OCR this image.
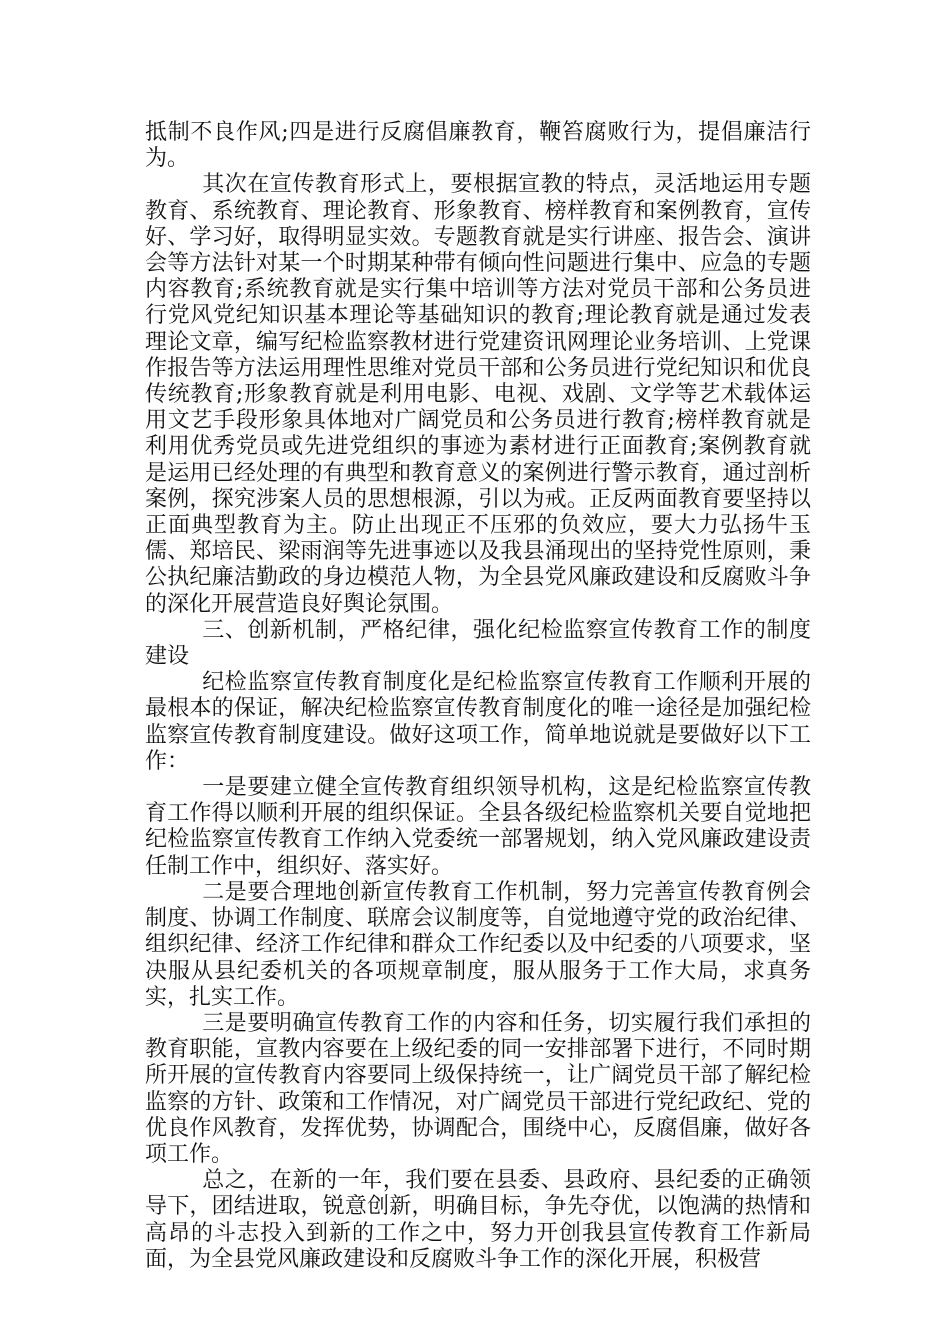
抵制不良作风;四是进行反腐倡廉教育，鞭笞腐败行为，提倡廉洁行为。

其次在宣传教育形式上，要根据宣教的特点，灵活地运用专题教育、系统教育、理论教育、形象教育、榜样教育和案例教育，宣传好、学习好，取得明显实效。专题教育就是实行讲座、报告会、演讲会等方法针对某一个时期某种带有倾向性问题进行集中、应急的专题内容教育;系统教育就是实行集中培训等方法对党员干部和公务员进行党风党纪知识基本理论等基础知识的教育;理论教育就是通过发表理论文章，编写纪检监察教材进行党建资讯网理论业务培训、上党课作报告等方法运用理性思维对党员干部和公务员进行党纪知识和优良传统教育;形象教育就是利用电影、电视、戏剧、文学等艺术载体运用文艺手段形象具体地对广阔党员和公务员进行教育;榜样教育就是利用优秀党员或先进党组织的事迹为素材进行正面教育;案例教育就是运用已经处理的有典型和教育意义的案例进行警示教育，通过剖析案例，探究涉案人员的思想根源，引以为戒。正反两面教育要坚持以正面典型教育为主。防止出现正不压邪的负效应，要大力弘扬牛玉儒、郑培民、梁雨润等先进事迹以及我县涌现出的坚持党性原则，秉公执纪廉洁勤政的身边模范人物，为全县党风廉政建设和反腐败斗争的深化开展营造良好舆论氛围。

三、创新机制，严格纪律，强化纪检监察宣传教育工作的制度建设

纪检监察宣传教育制度化是纪检监察宣传教育工作顺利开展的最根本的保证，解决纪检监察宣传教育制度化的唯一途径是加强纪检监察宣传教育制度建设。做好这项工作，简单地说就是要做好以下工作：

一是要建立健全宣传教育组织领导机构，这是纪检监察宣传教育工作得以顺利开展的组织保证。全县各级纪检监察机关要自觉地把纪检监察宣传教育工作纳入党委统一部署规划，纳入党风廉政建设责任制工作中，组织好、落实好。

二是要合理地创新宣传教育工作机制，努力完善宣传教育例会制度、协调工作制度、联席会议制度等，自觉地遵守党的政治纪律、组织纪律、经济工作纪律和群众工作纪委以及中纪委的八项要求，坚决服从县纪委机关的各项规章制度，服从服务于工作大局，求真务实，扎实工作。

三是要明确宣传教育工作的内容和任务，切实履行我们承担的教育职能，宣教内容要在上级纪委的同一安排部署下进行，不同时期所开展的宣传教育内容要同上级保持统一，让广阔党员干部了解纪检监察的方针、政策和工作情况，对广阔党员干部进行党纪政纪、党的优良作风教育，发挥优势，协调配合，围绕中心，反腐倡廉，做好各项工作。

总之，在新的一年，我们要在县委、县政府、县纪委的正确领导下，团结进取，锐意创新，明确目标，争先夺优，以饱满的热情和高昂的斗志投入到新的工作之中，努力开创我县宣传教育工作新局面，为全县党风廉政建设和反腐败斗争工作的深化开展，积极营
